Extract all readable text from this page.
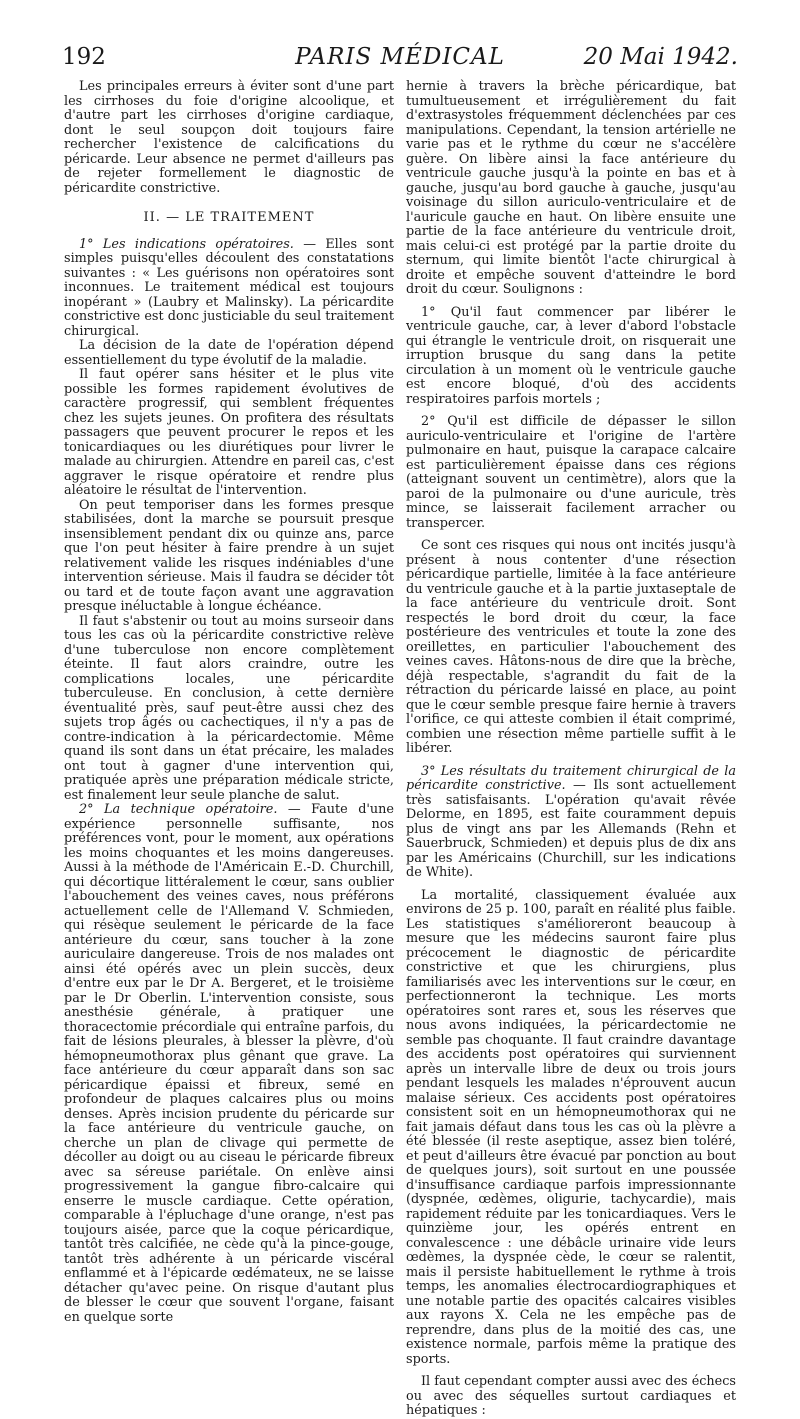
192	PARIS MÉDICAL	20 Mai 1942.

Les principales erreurs à éviter sont d'une part les cirrhoses du foie d'origine alcoolique, et d'autre part les cirrhoses d'origine cardiaque, dont le seul soupçon doit toujours faire rechercher l'existence de calcifications du péricarde. Leur absence ne permet d'ailleurs pas de rejeter formellement le diagnostic de péricardite constrictive.

II. — LE TRAITEMENT

1° Les indications opératoires. — Elles sont simples puisqu'elles découlent des constatations suivantes : « Les guérisons non opératoires sont inconnues. Le traitement médical est toujours inopérant » (Laubry et Malinsky). La péricardite constrictive est donc justiciable du seul traitement chirurgical.

La décision de la date de l'opération dépend essentiellement du type évolutif de la maladie.

Il faut opérer sans hésiter et le plus vite possible les formes rapidement évolutives de caractère progressif, qui semblent fréquentes chez les sujets jeunes. On profitera des résultats passagers que peuvent procurer le repos et les tonicardiaques ou les diurétiques pour livrer le malade au chirurgien. Attendre en pareil cas, c'est aggraver le risque opératoire et rendre plus aléatoire le résultat de l'intervention.

On peut temporiser dans les formes presque stabilisées, dont la marche se poursuit presque insensiblement pendant dix ou quinze ans, parce que l'on peut hésiter à faire prendre à un sujet relativement valide les risques indéniables d'une intervention sérieuse. Mais il faudra se décider tôt ou tard et de toute façon avant une aggravation presque inéluctable à longue échéance.

Il faut s'abstenir ou tout au moins surseoir dans tous les cas où la péricardite constrictive relève d'une tuberculose non encore complètement éteinte. Il faut alors craindre, outre les complications locales, une péricardite tuberculeuse. En conclusion, à cette dernière éventualité près, sauf peut-être aussi chez des sujets trop âgés ou cachectiques, il n'y a pas de contre-indication à la péricardectomie. Même quand ils sont dans un état précaire, les malades ont tout à gagner d'une intervention qui, pratiquée après une préparation médicale stricte, est finalement leur seule planche de salut.

2° La technique opératoire. — Faute d'une expérience personnelle suffisante, nos préférences vont, pour le moment, aux opérations les moins choquantes et les moins dangereuses. Aussi à la méthode de l'Américain E.-D. Churchill, qui décortique littéralement le cœur, sans oublier l'abouchement des veines caves, nous préférons actuellement celle de l'Allemand V. Schmieden, qui résèque seulement le péricarde de la face antérieure du cœur, sans toucher à la zone auriculaire dangereuse. Trois de nos malades ont ainsi été opérés avec un plein succès, deux d'entre eux par le Dr A. Bergeret, et le troisième par le Dr Oberlin. L'intervention consiste, sous anesthésie générale, à pratiquer une thoracectomie précordiale qui entraîne parfois, du fait de lésions pleurales, à blesser la plèvre, d'où hémopneumothorax plus gênant que grave. La face antérieure du cœur apparaît dans son sac péricardique épaissi et fibreux, semé en profondeur de plaques calcaires plus ou moins denses. Après incision prudente du péricarde sur la face antérieure du ventricule gauche, on cherche un plan de clivage qui permette de décoller au doigt ou au ciseau le péricarde fibreux avec sa séreuse pariétale. On enlève ainsi progressivement la gangue fibro-calcaire qui enserre le muscle cardiaque. Cette opération, comparable à l'épluchage d'une orange, n'est pas toujours aisée, parce que la coque péricardique, tantôt très calcifiée, ne cède qu'à la pince-gouge, tantôt très adhérente à un péricarde viscéral enflammé et à l'épicarde œdémateux, ne se laisse détacher qu'avec peine. On risque d'autant plus de blesser le cœur que souvent l'organe, faisant en quelque sorte

hernie à travers la brèche péricardique, bat tumultueusement et irrégulièrement du fait d'extrasystoles fréquemment déclenchées par ces manipulations. Cependant, la tension artérielle ne varie pas et le rythme du cœur ne s'accélère guère. On libère ainsi la face antérieure du ventricule gauche jusqu'à la pointe en bas et à gauche, jusqu'au bord gauche à gauche, jusqu'au voisinage du sillon auriculo-ventriculaire et de l'auricule gauche en haut. On libère ensuite une partie de la face antérieure du ventricule droit, mais celui-ci est protégé par la partie droite du sternum, qui limite bientôt l'acte chirurgical à droite et empêche souvent d'atteindre le bord droit du cœur. Soulignons :

1° Qu'il faut commencer par libérer le ventricule gauche, car, à lever d'abord l'obstacle qui étrangle le ventricule droit, on risquerait une irruption brusque du sang dans la petite circulation à un moment où le ventricule gauche est encore bloqué, d'où des accidents respiratoires parfois mortels ;

2° Qu'il est difficile de dépasser le sillon auriculo-ventriculaire et l'origine de l'artère pulmonaire en haut, puisque la carapace calcaire est particulièrement épaisse dans ces régions (atteignant souvent un centimètre), alors que la paroi de la pulmonaire ou d'une auricule, très mince, se laisserait facilement arracher ou transpercer.

Ce sont ces risques qui nous ont incités jusqu'à présent à nous contenter d'une résection péricardique partielle, limitée à la face antérieure du ventricule gauche et à la partie juxtaseptale de la face antérieure du ventricule droit. Sont respectés le bord droit du cœur, la face postérieure des ventricules et toute la zone des oreillettes, en particulier l'abouchement des veines caves. Hâtons-nous de dire que la brèche, déjà respectable, s'agrandit du fait de la rétraction du péricarde laissé en place, au point que le cœur semble presque faire hernie à travers l'orifice, ce qui atteste combien il était comprimé, combien une résection même partielle suffit à le libérer.

3° Les résultats du traitement chirurgical de la péricardite constrictive. — Ils sont actuellement très satisfaisants. L'opération qu'avait rêvée Delorme, en 1895, est faite couramment depuis plus de vingt ans par les Allemands (Rehn et Sauerbruck, Schmieden) et depuis plus de dix ans par les Américains (Churchill, sur les indications de White).

La mortalité, classiquement évaluée aux environs de 25 p. 100, paraît en réalité plus faible. Les statistiques s'amélioreront beaucoup à mesure que les médecins sauront faire plus précocement le diagnostic de péricardite constrictive et que les chirurgiens, plus familiarisés avec les interventions sur le cœur, en perfectionneront la technique. Les morts opératoires sont rares et, sous les réserves que nous avons indiquées, la péricardectomie ne semble pas choquante. Il faut craindre davantage des accidents post opératoires qui surviennent après un intervalle libre de deux ou trois jours pendant lesquels les malades n'éprouvent aucun malaise sérieux. Ces accidents post opératoires consistent soit en un hémopneumothorax qui ne fait jamais défaut dans tous les cas où la plèvre a été blessée (il reste aseptique, assez bien toléré, et peut d'ailleurs être évacué par ponction au bout de quelques jours), soit surtout en une poussée d'insuffisance cardiaque parfois impressionnante (dyspnée, œdèmes, oligurie, tachycardie), mais rapidement réduite par les tonicardiaques. Vers le quinzième jour, les opérés entrent en convalescence : une débâcle urinaire vide leurs œdèmes, la dyspnée cède, le cœur se ralentit, mais il persiste habituellement le rythme à trois temps, les anomalies électrocardiographiques et une notable partie des opacités calcaires visibles aux rayons X. Cela ne les empêche pas de reprendre, dans plus de la moitié des cas, une existence normale, parfois même la pratique des sports.

Il faut cependant compter aussi avec des échecs ou avec des séquelles surtout cardiaques et hépatiques :
